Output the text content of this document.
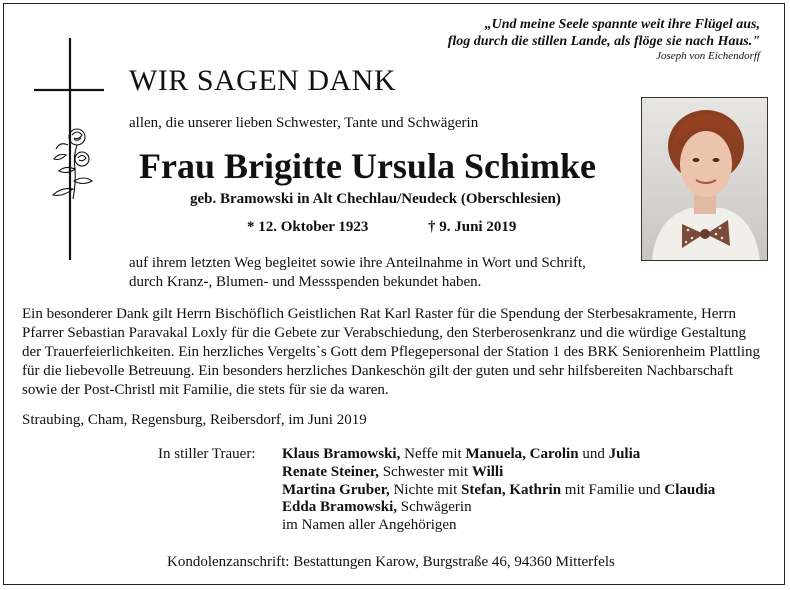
„Und meine Seele spannte weit ihre Flügel aus,
flog durch die stillen Lande, als flöge sie nach Haus."
Joseph von Eichendorff
WIR SAGEN DANK
allen, die unserer lieben Schwester, Tante und Schwägerin
Frau Brigitte Ursula Schimke
geb. Bramowski in Alt Chechlau/Neudeck (Oberschlesien)
* 12. Oktober 1923	† 9. Juni 2019
auf ihrem letzten Weg begleitet sowie ihre Anteilnahme in Wort und Schrift,
durch Kranz-, Blumen- und Messspenden bekundet haben.
Ein besonderer Dank gilt Herrn Bischöflich Geistlichen Rat Karl Raster für die Spendung der Sterbesakramente, Herrn Pfarrer Sebastian Paravakal Loxly für die Gebete zur Verabschiedung, den Sterberosenkranz und die würdige Gestaltung der Trauerfeierlichkeiten. Ein herzliches Vergelts`s Gott dem Pflegepersonal der Station 1 des BRK Seniorenheim Plattling für die liebevolle Betreuung. Ein besonders herzliches Dankeschön gilt der guten und sehr hilfsbereiten Nachbarschaft sowie der Post-Christl mit Familie, die stets für sie da waren.
Straubing, Cham, Regensburg, Reibersdorf, im Juni 2019
In stiller Trauer: Klaus Bramowski, Neffe mit Manuela, Carolin und Julia
Renate Steiner, Schwester mit Willi
Martina Gruber, Nichte mit Stefan, Kathrin mit Familie und Claudia
Edda Bramowski, Schwägerin
im Namen aller Angehörigen
Kondolenzanschrift: Bestattungen Karow, Burgstraße 46, 94360 Mitterfels
